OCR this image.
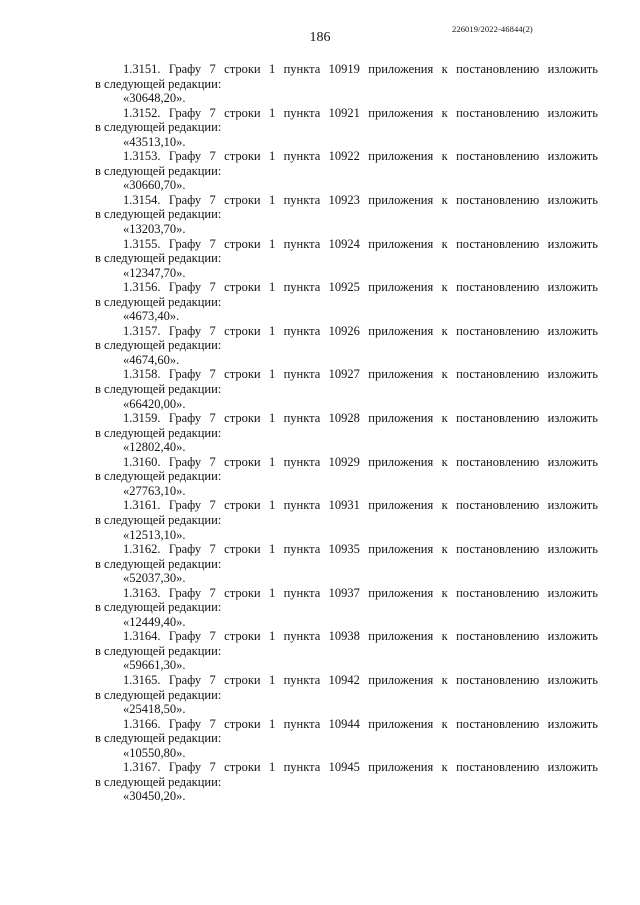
186
226019/2022-46844(2)
1.3151. Графу 7 строки 1 пункта 10919 приложения к постановлению изложить
в следующей редакции:
«30648,20».
1.3152. Графу 7 строки 1 пункта 10921 приложения к постановлению изложить
в следующей редакции:
«43513,10».
1.3153. Графу 7 строки 1 пункта 10922 приложения к постановлению изложить
в следующей редакции:
«30660,70».
1.3154. Графу 7 строки 1 пункта 10923 приложения к постановлению изложить
в следующей редакции:
«13203,70».
1.3155. Графу 7 строки 1 пункта 10924 приложения к постановлению изложить
в следующей редакции:
«12347,70».
1.3156. Графу 7 строки 1 пункта 10925 приложения к постановлению изложить
в следующей редакции:
«4673,40».
1.3157. Графу 7 строки 1 пункта 10926 приложения к постановлению изложить
в следующей редакции:
«4674,60».
1.3158. Графу 7 строки 1 пункта 10927 приложения к постановлению изложить
в следующей редакции:
«66420,00».
1.3159. Графу 7 строки 1 пункта 10928 приложения к постановлению изложить
в следующей редакции:
«12802,40».
1.3160. Графу 7 строки 1 пункта 10929 приложения к постановлению изложить
в следующей редакции:
«27763,10».
1.3161. Графу 7 строки 1 пункта 10931 приложения к постановлению изложить
в следующей редакции:
«12513,10».
1.3162. Графу 7 строки 1 пункта 10935 приложения к постановлению изложить
в следующей редакции:
«52037,30».
1.3163. Графу 7 строки 1 пункта 10937 приложения к постановлению изложить
в следующей редакции:
«12449,40».
1.3164. Графу 7 строки 1 пункта 10938 приложения к постановлению изложить
в следующей редакции:
«59661,30».
1.3165. Графу 7 строки 1 пункта 10942 приложения к постановлению изложить
в следующей редакции:
«25418,50».
1.3166. Графу 7 строки 1 пункта 10944 приложения к постановлению изложить
в следующей редакции:
«10550,80».
1.3167. Графу 7 строки 1 пункта 10945 приложения к постановлению изложить
в следующей редакции:
«30450,20».
